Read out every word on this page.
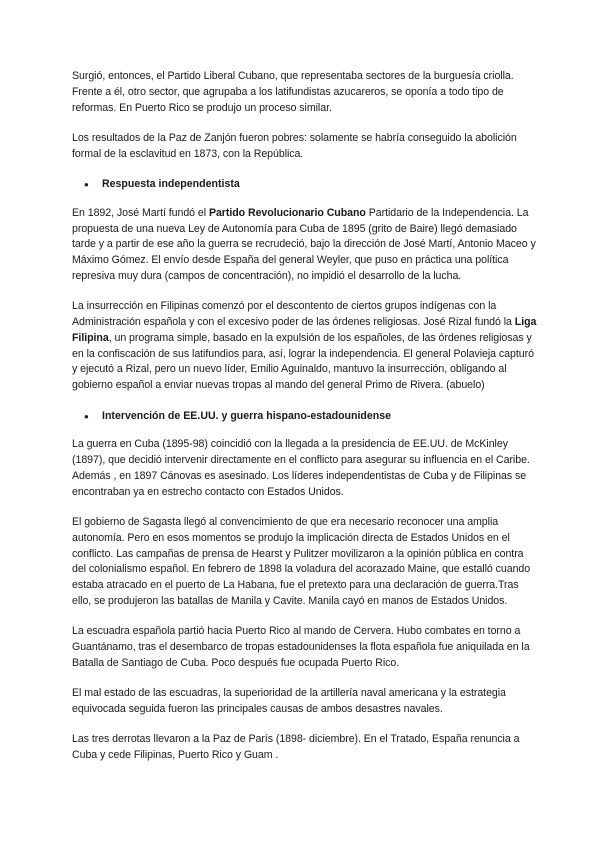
Surgió, entonces, el Partido Liberal Cubano, que representaba sectores de la burguesía criolla. Frente a él, otro sector, que agrupaba a los latifundistas azucareros, se oponía a todo tipo de reformas. En Puerto Rico se produjo un proceso similar.

Los resultados de la Paz de Zanjón fueron pobres: solamente se habría conseguido la abolición formal de la esclavitud en 1873, con la República.

●	Respuesta independentista

En 1892, José Martí fundó el Partido Revolucionario Cubano Partidario de la Independencia. La propuesta de una nueva Ley de Autonomía para Cuba de 1895 (grito de Baire) llegó demasiado tarde y a partir de ese año la guerra se recrudeció, bajo la dirección de José Martí, Antonio Maceo y Máximo Gómez. El envío desde España del general Weyler, que puso en práctica una política represiva muy dura (campos de concentración), no impidió el desarrollo de la lucha.

La insurrección en Filipinas comenzó por el descontento de ciertos grupos indígenas con la Administración española y con el excesivo poder de las órdenes religiosas. José Rizal fundó la Liga Filipina, un programa simple, basado en la expulsión de los españoles, de las órdenes religiosas y en la confiscación de sus latifundios para, así, lograr la independencia. El general Polavieja capturó y ejecutó a Rizal, pero un nuevo líder, Emilio Aguinaldo, mantuvo la insurrección, obligando al gobierno español a enviar nuevas tropas al mando del general Primo de Rivera. (abuelo)

●	Intervención de EE.UU. y guerra hispano-estadounidense

La guerra en Cuba (1895-98) coincidió con la llegada a la presidencia de EE.UU. de McKinley (1897), que decidió intervenir directamente en el conflicto para asegurar su influencia en el Caribe. Además , en 1897 Cánovas es asesinado. Los líderes independentistas de Cuba y de Filipinas se encontraban ya en estrecho contacto con Estados Unidos.

El gobierno de Sagasta llegó al convencimiento de que era necesario reconocer una amplia autonomía. Pero en esos momentos se produjo la implicación directa de Estados Unidos en el conflicto. Las campañas de prensa de Hearst y Pulitzer movilizaron a la opinión pública en contra del colonialismo español. En febrero de 1898 la voladura del acorazado Maine, que estalló cuando estaba atracado en el puerto de La Habana, fue el pretexto para una declaración de guerra.Tras ello, se produjeron las batallas de Manila y Cavite. Manila cayó en manos de Estados Unidos.

La escuadra española partió hacia Puerto Rico al mando de Cervera. Hubo combates en torno a Guantánamo, tras el desembarco de tropas estadounidenses la flota española fue aniquilada en la Batalla de Santiago de Cuba. Poco después fue ocupada Puerto Rico.

El mal estado de las escuadras, la superioridad de la artillería naval americana y la estrategia equivocada seguida fueron las principales causas de ambos desastres navales.

Las tres derrotas llevaron a la Paz de París (1898- diciembre). En el Tratado, España renuncia a Cuba y cede Filipinas, Puerto Rico y Guam .
